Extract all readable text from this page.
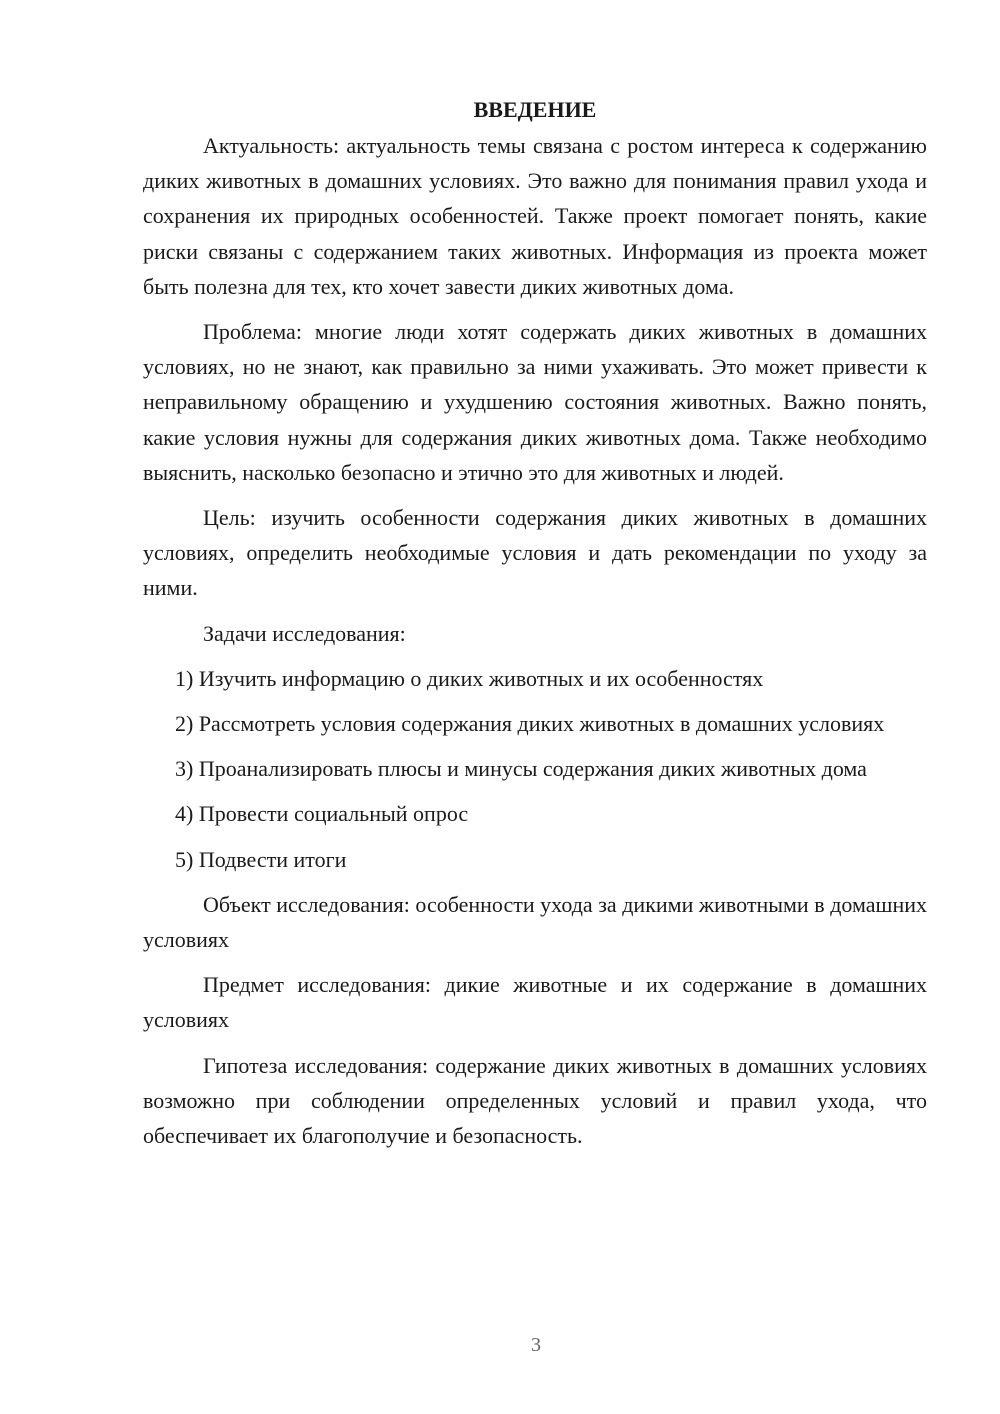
ВВЕДЕНИЕ

Актуальность: актуальность темы связана с ростом интереса к содержанию диких животных в домашних условиях. Это важно для понимания правил ухода и сохранения их природных особенностей. Также проект помогает понять, какие риски связаны с содержанием таких животных. Информация из проекта может быть полезна для тех, кто хочет завести диких животных дома.

Проблема: многие люди хотят содержать диких животных в домашних условиях, но не знают, как правильно за ними ухаживать. Это может привести к неправильному обращению и ухудшению состояния животных. Важно понять, какие условия нужны для содержания диких животных дома. Также необходимо выяснить, насколько безопасно и этично это для животных и людей.

Цель: изучить особенности содержания диких животных в домашних условиях, определить необходимые условия и дать рекомендации по уходу за ними.

Задачи исследования:

1) Изучить информацию о диких животных и их особенностях

2) Рассмотреть условия содержания диких животных в домашних условиях

3) Проанализировать плюсы и минусы содержания диких животных дома

4) Провести социальный опрос

5) Подвести итоги

Объект исследования: особенности ухода за дикими животными в домашних условиях

Предмет исследования: дикие животные и их содержание в домашних условиях

Гипотеза исследования: содержание диких животных в домашних условиях возможно при соблюдении определенных условий и правил ухода, что обеспечивает их благополучие и безопасность.

3
